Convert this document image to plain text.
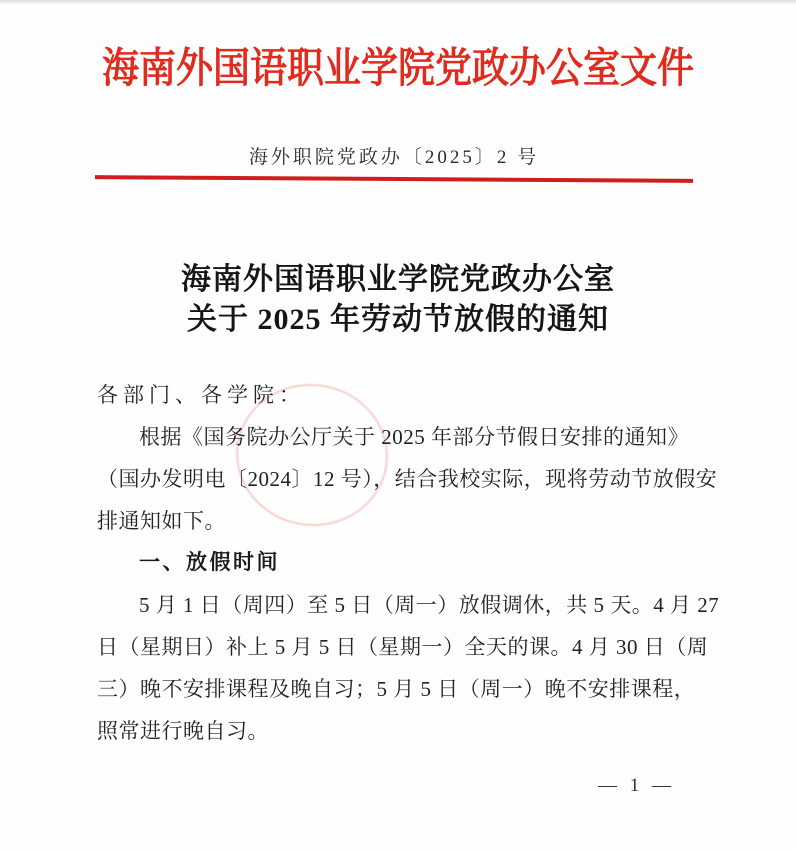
海南外国语职业学院党政办公室文件
海外职院党政办〔2025〕2 号
海南外国语职业学院党政办公室
关于 2025 年劳动节放假的通知
各部门、各学院：
根据《国务院办公厅关于 2025 年部分节假日安排的通知》
（国办发明电〔2024〕12 号），结合我校实际，现将劳动节放假安
排通知如下。
一、放假时间
5 月 1 日（周四）至 5 日（周一）放假调休，共 5 天。4 月 27
日（星期日）补上 5 月 5 日（星期一）全天的课。4 月 30 日（周
三）晚不安排课程及晚自习；5 月 5 日（周一）晚不安排课程，
照常进行晚自习。
— 1 —
